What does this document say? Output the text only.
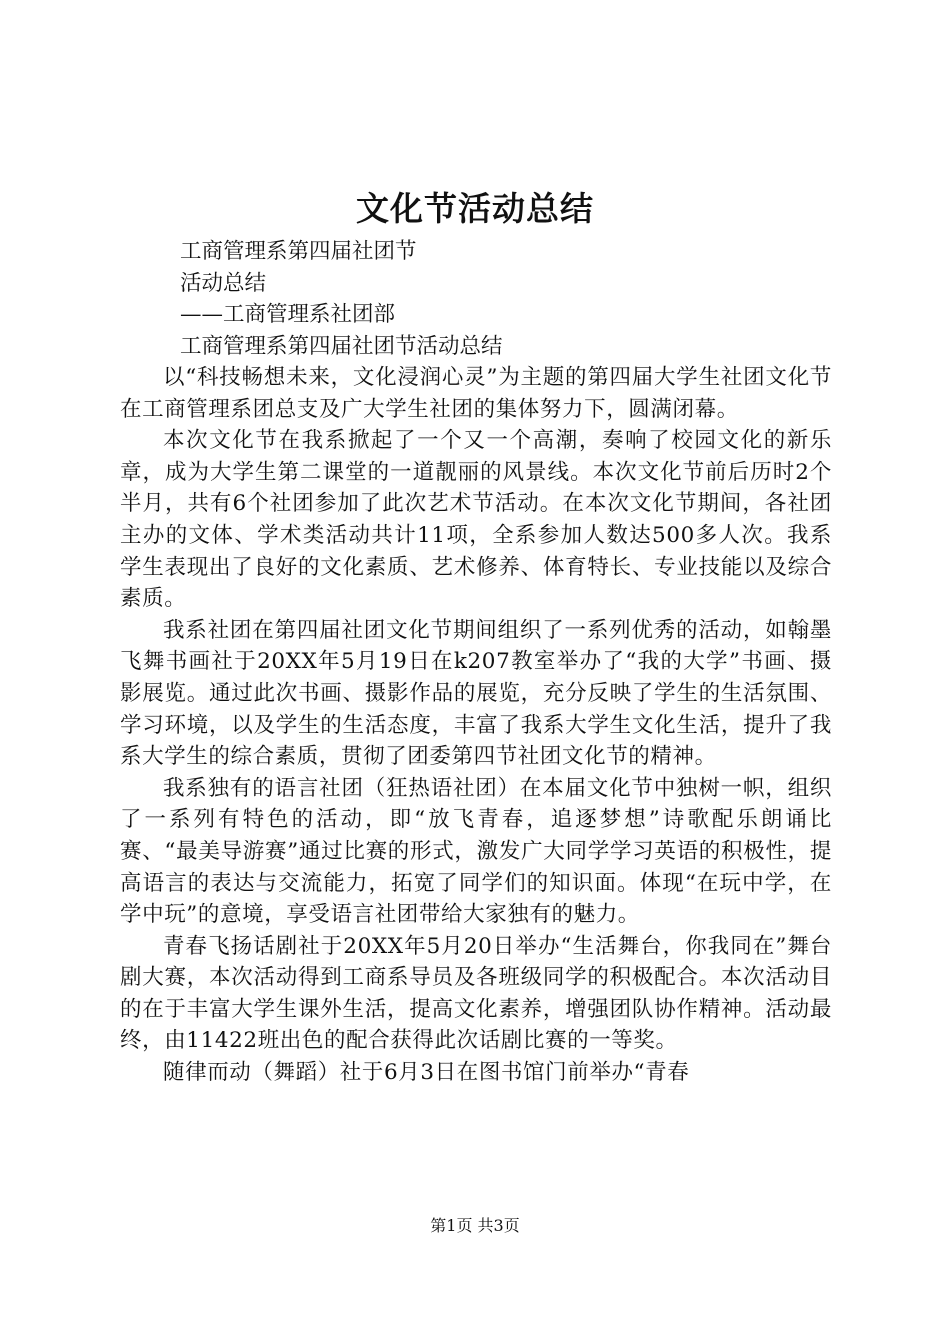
文化节活动总结

工商管理系第四届社团节

活动总结

——工商管理系社团部

工商管理系第四届社团节活动总结

以“科技畅想未来，文化浸润心灵”为主题的第四届大学生社团文化节在工商管理系团总支及广大学生社团的集体努力下，圆满闭幕。

本次文化节在我系掀起了一个又一个高潮，奏响了校园文化的新乐章，成为大学生第二课堂的一道靓丽的风景线。本次文化节前后历时2个半月，共有6个社团参加了此次艺术节活动。在本次文化节期间，各社团主办的文体、学术类活动共计11项，全系参加人数达500多人次。我系学生表现出了良好的文化素质、艺术修养、体育特长、专业技能以及综合素质。

我系社团在第四届社团文化节期间组织了一系列优秀的活动，如翰墨飞舞书画社于20XX年5月19日在k207教室举办了“我的大学”书画、摄影展览。通过此次书画、摄影作品的展览，充分反映了学生的生活氛围、学习环境，以及学生的生活态度，丰富了我系大学生文化生活，提升了我系大学生的综合素质，贯彻了团委第四节社团文化节的精神。

我系独有的语言社团（狂热语社团）在本届文化节中独树一帜，组织了一系列有特色的活动，即“放飞青春，追逐梦想”诗歌配乐朗诵比赛、“最美导游赛”通过比赛的形式，激发广大同学学习英语的积极性，提高语言的表达与交流能力，拓宽了同学们的知识面。体现“在玩中学，在学中玩”的意境，享受语言社团带给大家独有的魅力。

青春飞扬话剧社于20XX年5月20日举办“生活舞台，你我同在”舞台剧大赛，本次活动得到工商系导员及各班级同学的积极配合。本次活动目的在于丰富大学生课外生活，提高文化素养，增强团队协作精神。活动最终，由11422班出色的配合获得此次话剧比赛的一等奖。

随律而动（舞蹈）社于6月3日在图书馆门前举办“青春

第1页 共3页
